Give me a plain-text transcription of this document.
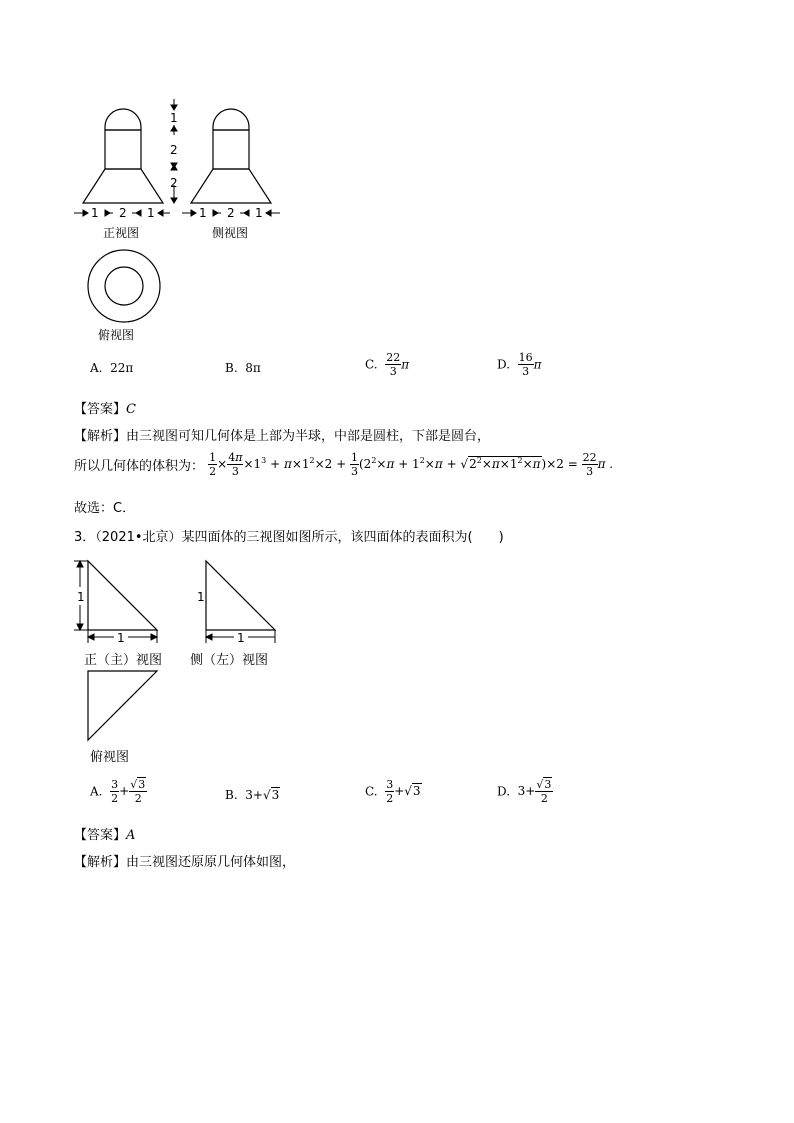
1
2
2
1 2 1	1 2 1
正视图	侧视图
俯视图
A. 22π	B. 8π	C. $\frac{22}{3}$ π	D. $\frac{16}{3}$ π
【答案】C
【解析】由三视图可知几何体是上部为半球，中部是圆柱，下部是圆台，
所以几何体的体积为： $\frac{1}{2} \times \frac{4\pi}{3} \times 1^3 + \pi\times 1^2\times 2 + \frac{1}{3} (2^2\times\pi + 1^2\times\pi + √2^2\times\pi\times 1^2\times\pi)\times 2 = \frac{22}{3}$ π .
故选：C．
3．（2021•北京）某四面体的三视图如图所示，该四面体的表面积为(　　)
1
1
1
1
正（主）视图 侧（左）视图
俯视图
A. $\frac{3}{2} + \frac{√3}{2}$	B. 3+√3	C. $\frac{3}{2} +√3$	D. $3+ \frac{√3}{2}$
【答案】A
【解析】由三视图还原原几何体如图，
